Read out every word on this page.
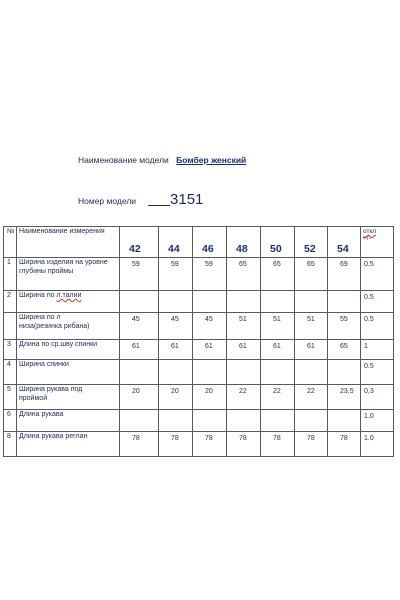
Наименование модели Бомбер женский
Номер модели 3151
№	Наименование измерения	42	44	46	48	50	52	54	откл
+/-

1	Ширина изделия на уровне
глубины проймы	59	59	59	65	65	65	69	0.5
2	Ширина по л.талии								0.5

	Ширина по л
низа(резинка рибана)	45	45	45	51	51	51	55	0.5
3	Длина по ср.шву спинки	61	61	61	61	61	61	65	1
4	Ширина спинки								0.5
5	Ширина рукава под
проймой	20	20	20	22	22	22	23,5	0,3
6	Длина рукава								1.0
8	Длина рукава реглан	78	78	78	78	78	78	78	1.0
